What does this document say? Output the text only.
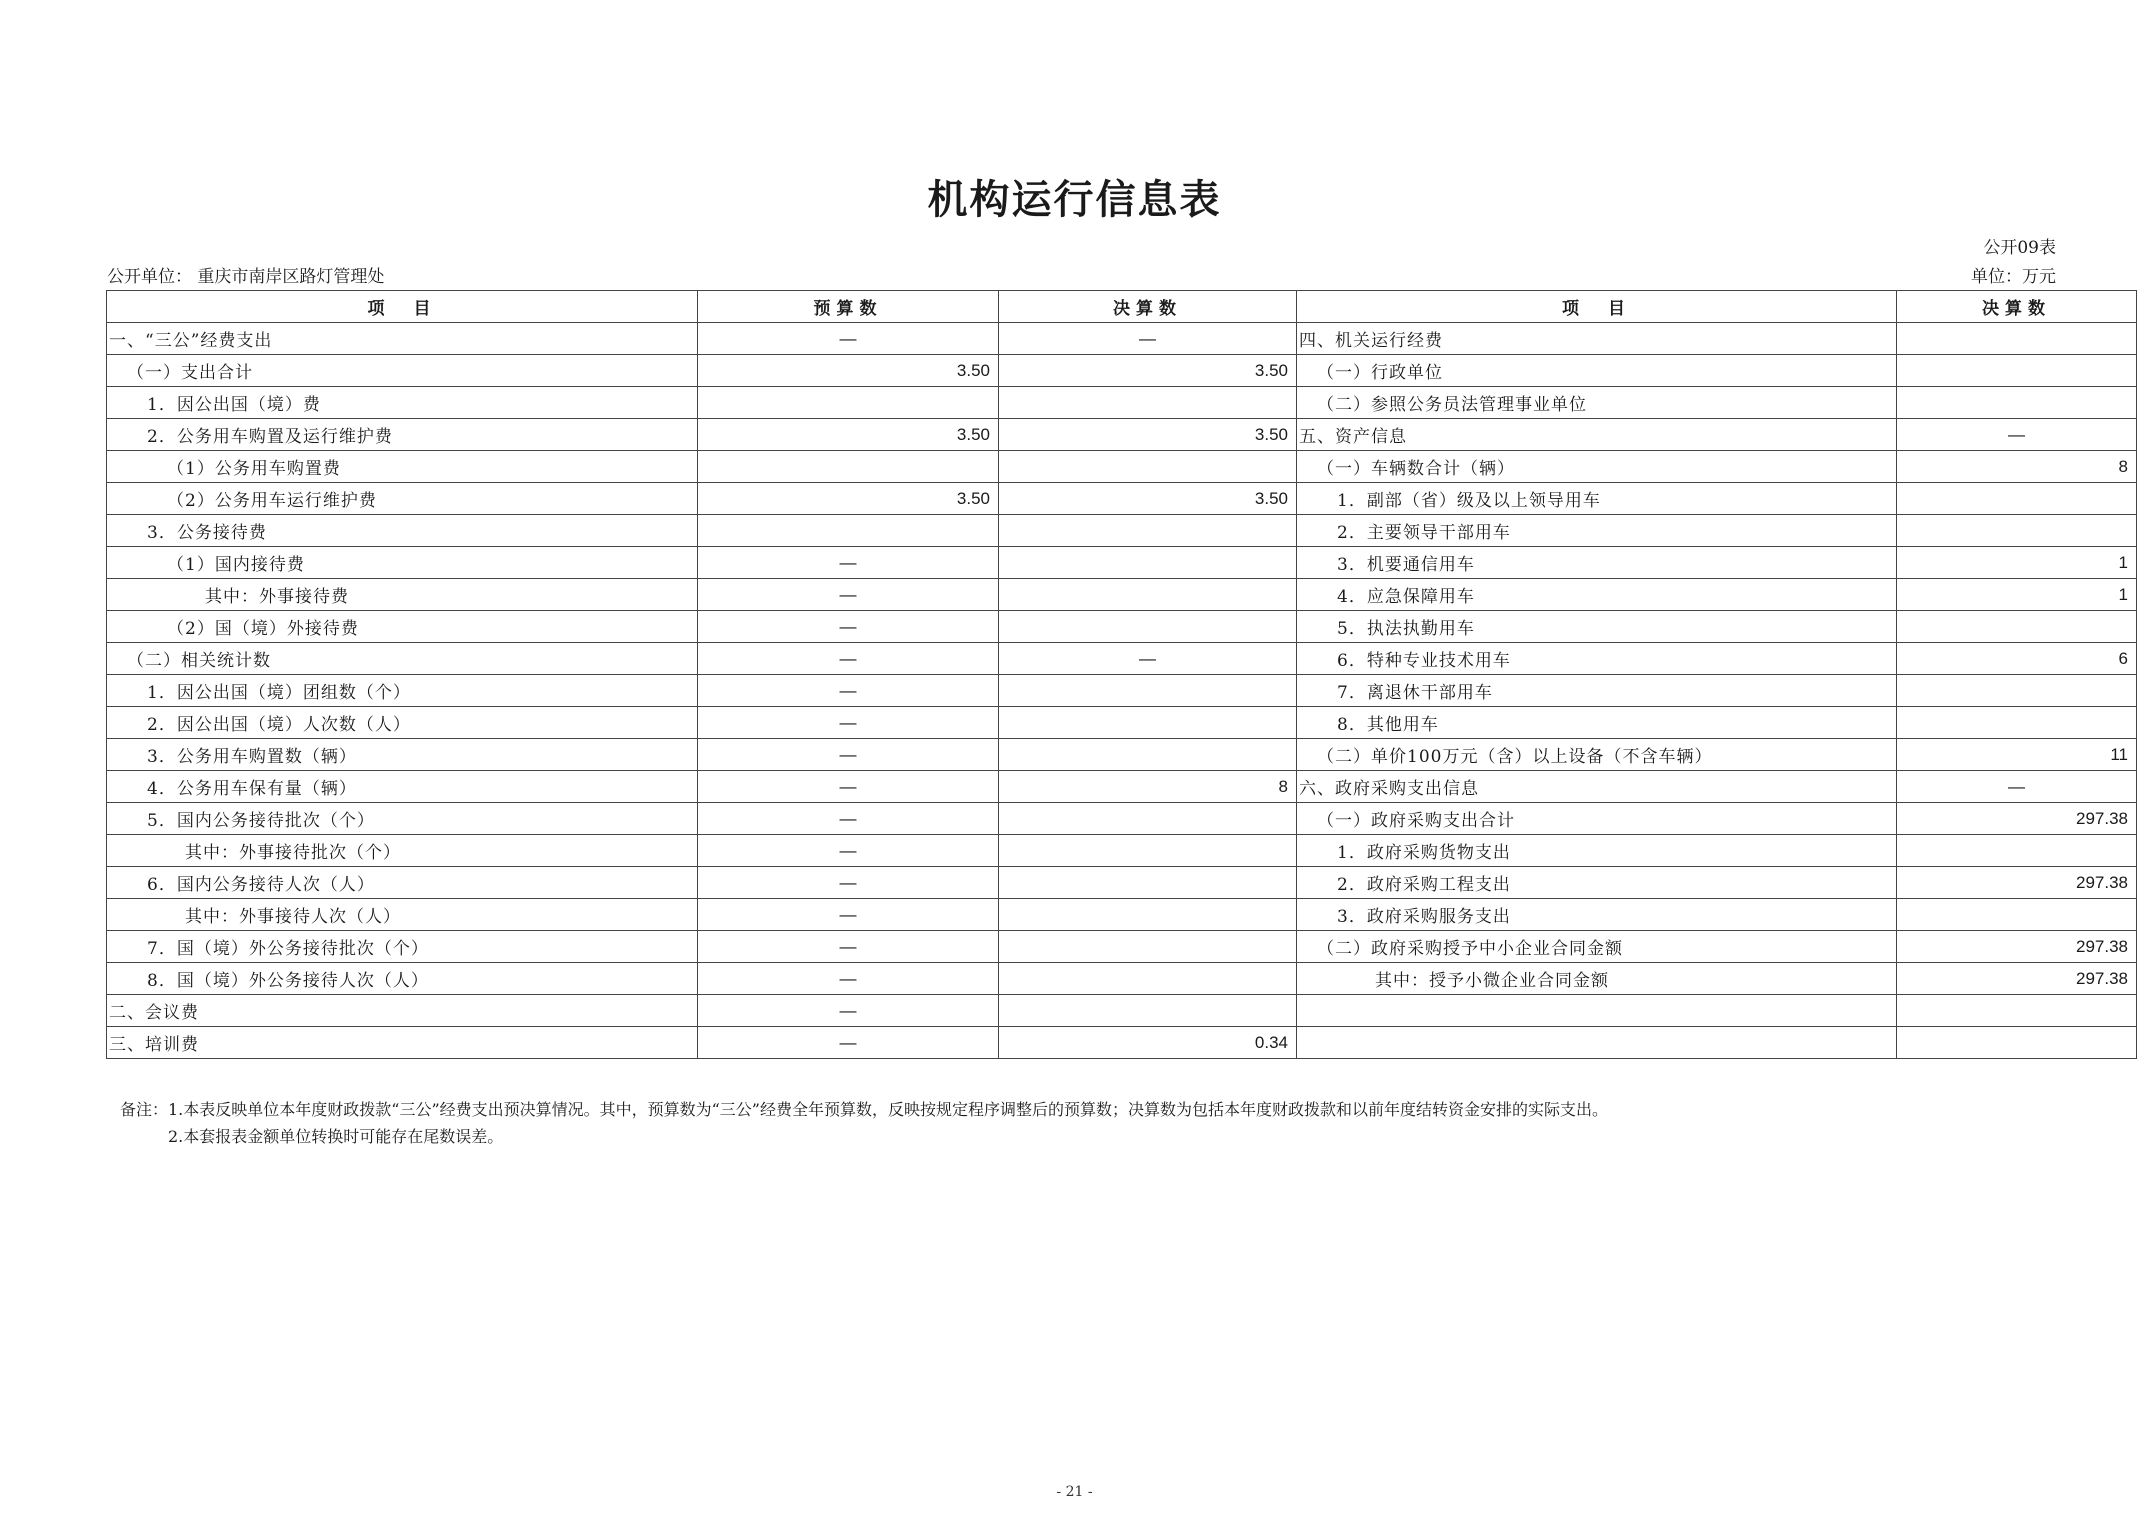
机构运行信息表
公开09表
公开单位： 重庆市南岸区路灯管理处	单位：万元
项　目	预算数	决算数	项　目	决算数
一、“三公”经费支出	—	—	四、机关运行经费	
（一）支出合计	3.50	3.50	（一）行政单位	
1．因公出国（境）费			（二）参照公务员法管理事业单位	
2．公务用车购置及运行维护费	3.50	3.50	五、资产信息	—
（1）公务用车购置费			（一）车辆数合计（辆）	8
（2）公务用车运行维护费	3.50	3.50	1．副部（省）级及以上领导用车	
3．公务接待费			2．主要领导干部用车	
（1）国内接待费	—		3．机要通信用车	1
其中：外事接待费	—		4．应急保障用车	1
（2）国（境）外接待费	—		5．执法执勤用车	
（二）相关统计数	—	—	6．特种专业技术用车	6
1．因公出国（境）团组数（个）	—		7．离退休干部用车	
2．因公出国（境）人次数（人）	—		8．其他用车	
3．公务用车购置数（辆）	—		（二）单价100万元（含）以上设备（不含车辆）	11
4．公务用车保有量（辆）	—	8	六、政府采购支出信息	—
5．国内公务接待批次（个）	—		（一）政府采购支出合计	297.38
其中：外事接待批次（个）	—		1．政府采购货物支出	
6．国内公务接待人次（人）	—		2．政府采购工程支出	297.38
其中：外事接待人次（人）	—		3．政府采购服务支出	
7．国（境）外公务接待批次（个）	—		（二）政府采购授予中小企业合同金额	297.38
8．国（境）外公务接待人次（人）	—		其中：授予小微企业合同金额	297.38
二、会议费	—			
三、培训费	—	0.34		
备注：1.本表反映单位本年度财政拨款“三公”经费支出预决算情况。其中，预算数为“三公”经费全年预算数，反映按规定程序调整后的预算数；决算数为包括本年度财政拨款和以前年度结转资金安排的实际支出。
2.本套报表金额单位转换时可能存在尾数误差。
- 21 -
